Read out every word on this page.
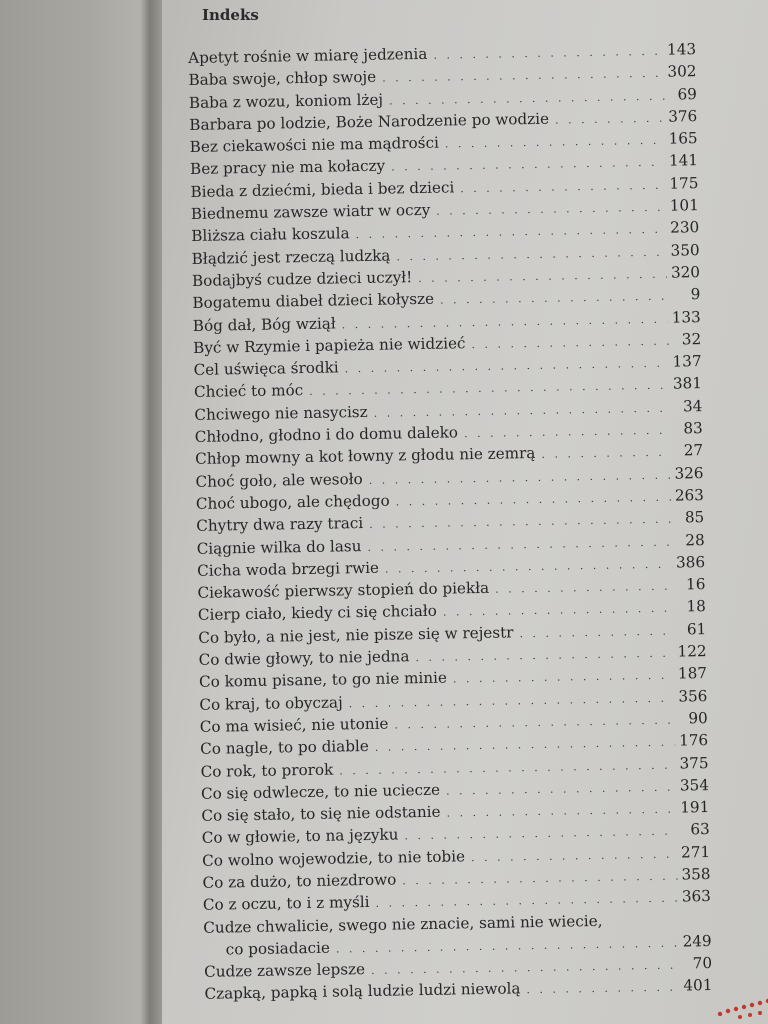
Indeks
Apetyt rośnie w miarę jedzenia . . .	143
Baba swoje, chłop swoje . . .	302
Baba z wozu, koniom lżej . . .	69
Barbara po lodzie, Boże Narodzenie po wodzie . . .	376
Bez ciekawości nie ma mądrości . . .	165
Bez pracy nie ma kołaczy . . .	141
Bieda z dziećmi, bieda i bez dzieci . . .	175
Biednemu zawsze wiatr w oczy . . .	101
Bliższa ciału koszula . . .	230
Błądzić jest rzeczą ludzką . . .	350
Bodajbyś cudze dzieci uczył! . . .	320
Bogatemu diabeł dzieci kołysze . . .	9
Bóg dał, Bóg wziął . . .	133
Być w Rzymie i papieża nie widzieć . . .	32
Cel uświęca środki . . .	137
Chcieć to móc . . .	381
Chciwego nie nasycisz . . .	34
Chłodno, głodno i do domu daleko . . .	83
Chłop mowny a kot łowny z głodu nie zemrą . . .	27
Choć goło, ale wesoło . . .	326
Choć ubogo, ale chędogo . . .	263
Chytry dwa razy traci . . .	85
Ciągnie wilka do lasu . . .	28
Cicha woda brzegi rwie . . .	386
Ciekawość pierwszy stopień do piekła . . .	16
Cierp ciało, kiedy ci się chciało . . .	18
Co było, a nie jest, nie pisze się w rejestr . . .	61
Co dwie głowy, to nie jedna . . .	122
Co komu pisane, to go nie minie . . .	187
Co kraj, to obyczaj . . .	356
Co ma wisieć, nie utonie . . .	90
Co nagle, to po diable . . .	176
Co rok, to prorok . . .	375
Co się odwlecze, to nie uciecze . . .	354
Co się stało, to się nie odstanie . . .	191
Co w głowie, to na języku . . .	63
Co wolno wojewodzie, to nie tobie . . .	271
Co za dużo, to niezdrowo . . .	358
Co z oczu, to i z myśli . . .	363
Cudze chwalicie, swego nie znacie, sami nie wiecie,
co posiadacie . . .	249
Cudze zawsze lepsze . . .	70
Czapką, papką i solą ludzie ludzi niewolą . . .	401
